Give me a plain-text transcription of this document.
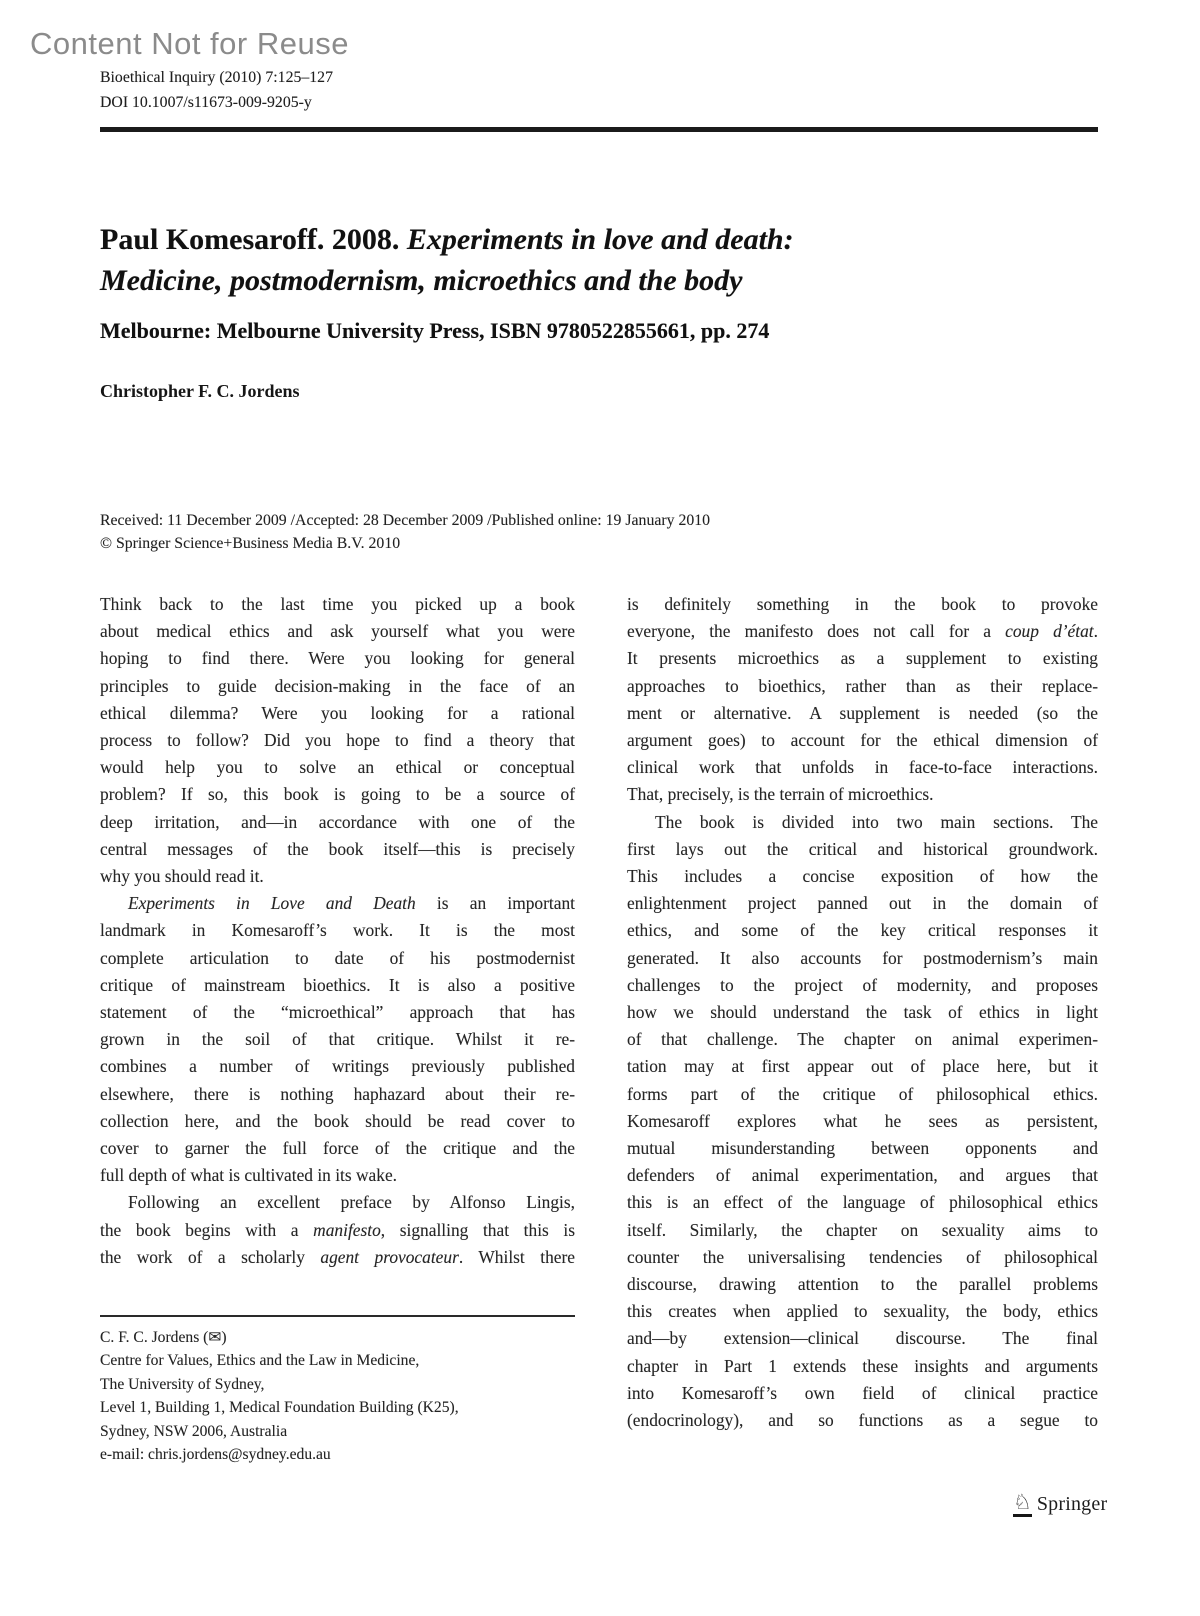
Content Not for Reuse
Bioethical Inquiry (2010) 7:125–127
DOI 10.1007/s11673-009-9205-y
Paul Komesaroff. 2008. Experiments in love and death:
Medicine, postmodernism, microethics and the body
Melbourne: Melbourne University Press, ISBN 9780522855661, pp. 274
Christopher F. C. Jordens
Received: 11 December 2009 /Accepted: 28 December 2009 /Published online: 19 January 2010
© Springer Science+Business Media B.V. 2010
Think back to the last time you picked up a book
about medical ethics and ask yourself what you were
hoping to find there. Were you looking for general
principles to guide decision-making in the face of an
ethical dilemma? Were you looking for a rational
process to follow? Did you hope to find a theory that
would help you to solve an ethical or conceptual
problem? If so, this book is going to be a source of
deep irritation, and—in accordance with one of the
central messages of the book itself—this is precisely
why you should read it.
Experiments in Love and Death is an important
landmark in Komesaroff’s work. It is the most
complete articulation to date of his postmodernist
critique of mainstream bioethics. It is also a positive
statement of the “microethical” approach that has
grown in the soil of that critique. Whilst it re-
combines a number of writings previously published
elsewhere, there is nothing haphazard about their re-
collection here, and the book should be read cover to
cover to garner the full force of the critique and the
full depth of what is cultivated in its wake.
Following an excellent preface by Alfonso Lingis,
the book begins with a manifesto, signalling that this is
the work of a scholarly agent provocateur. Whilst there
C. F. C. Jordens (✉)
Centre for Values, Ethics and the Law in Medicine,
The University of Sydney,
Level 1, Building 1, Medical Foundation Building (K25),
Sydney, NSW 2006, Australia
e-mail: chris.jordens@sydney.edu.au
is definitely something in the book to provoke
everyone, the manifesto does not call for a coup d’état.
It presents microethics as a supplement to existing
approaches to bioethics, rather than as their replace-
ment or alternative. A supplement is needed (so the
argument goes) to account for the ethical dimension of
clinical work that unfolds in face-to-face interactions.
That, precisely, is the terrain of microethics.
The book is divided into two main sections. The
first lays out the critical and historical groundwork.
This includes a concise exposition of how the
enlightenment project panned out in the domain of
ethics, and some of the key critical responses it
generated. It also accounts for postmodernism’s main
challenges to the project of modernity, and proposes
how we should understand the task of ethics in light
of that challenge. The chapter on animal experimen-
tation may at first appear out of place here, but it
forms part of the critique of philosophical ethics.
Komesaroff explores what he sees as persistent,
mutual misunderstanding between opponents and
defenders of animal experimentation, and argues that
this is an effect of the language of philosophical ethics
itself. Similarly, the chapter on sexuality aims to
counter the universalising tendencies of philosophical
discourse, drawing attention to the parallel problems
this creates when applied to sexuality, the body, ethics
and—by extension—clinical discourse. The final
chapter in Part 1 extends these insights and arguments
into Komesaroff’s own field of clinical practice
(endocrinology), and so functions as a segue to
♘ Springer
